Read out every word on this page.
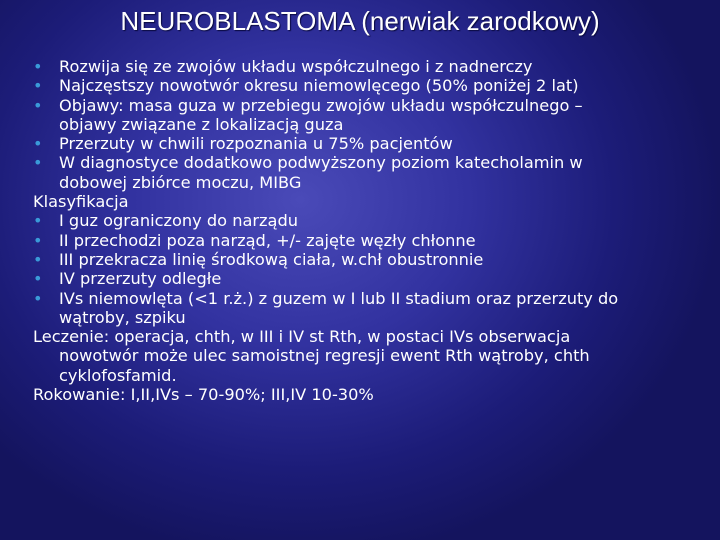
NEUROBLASTOMA (nerwiak zarodkowy)
• Rozwija się ze zwojów układu współczulnego i z nadnerczy
• Najczęstszy nowotwór okresu niemowlęcego (50% poniżej 2 lat)
• Objawy: masa guza w przebiegu zwojów układu współczulnego –
objawy związane z lokalizacją guza
• Przerzuty w chwili rozpoznania u 75% pacjentów
• W diagnostyce dodatkowo podwyższony poziom katecholamin w
dobowej zbiórce moczu, MIBG
Klasyfikacja
• I guz ograniczony do narządu
• II przechodzi poza narząd, +/- zajęte węzły chłonne
• III przekracza linię środkową ciała, w.chł obustronnie
• IV przerzuty odległe
• IVs niemowlęta (<1 r.ż.) z guzem w I lub II stadium oraz przerzuty do
wątroby, szpiku
Leczenie: operacja, chth, w III i IV st Rth, w postaci IVs obserwacja
nowotwór może ulec samoistnej regresji ewent Rth wątroby, chth
cyklofosfamid.
Rokowanie: I,II,IVs – 70-90%; III,IV 10-30%
